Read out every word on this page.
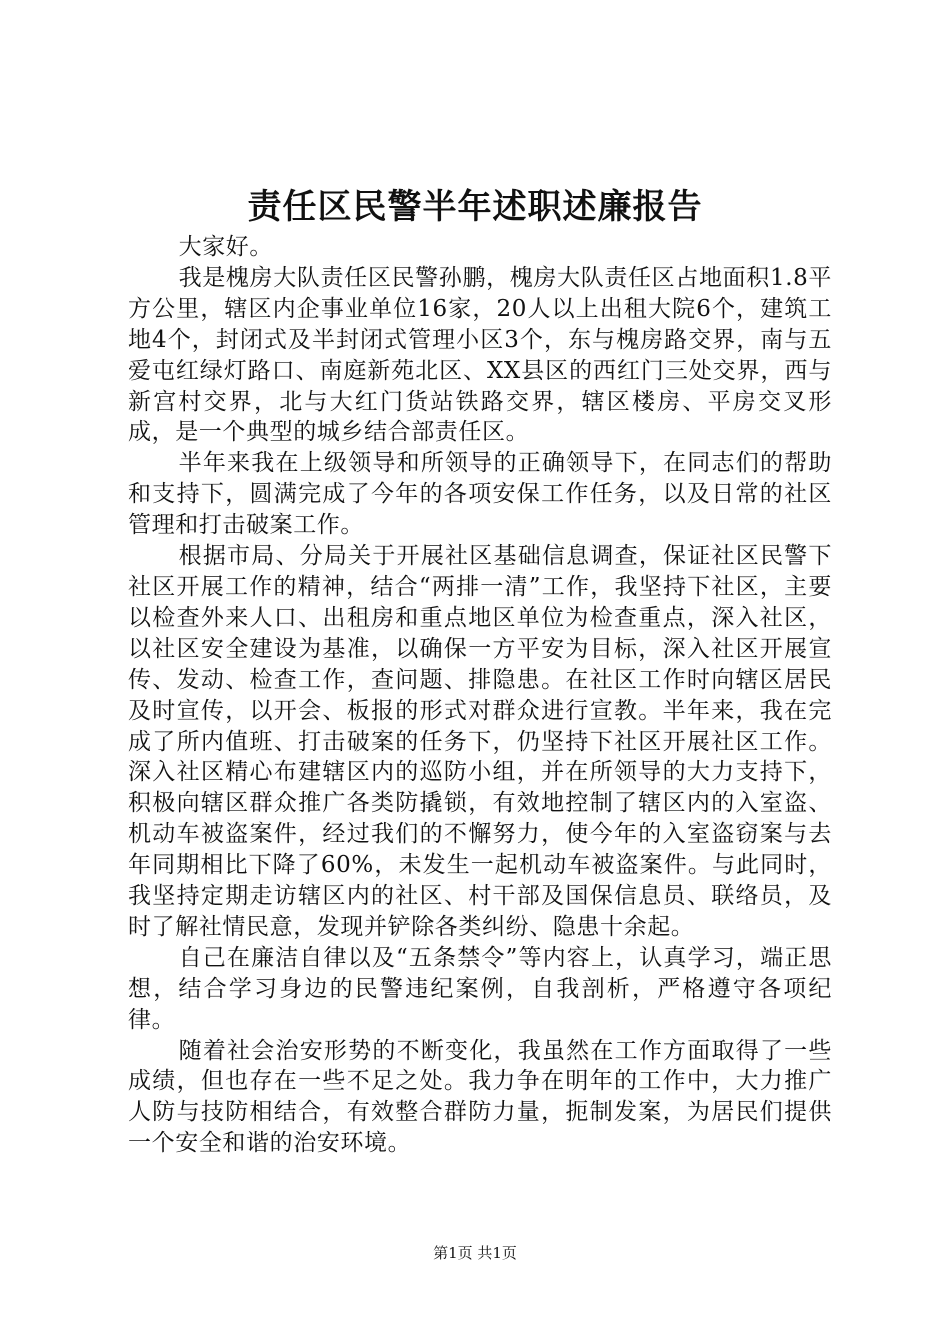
责任区民警半年述职述廉报告

大家好。

我是槐房大队责任区民警孙鹏，槐房大队责任区占地面积1.8平方公里，辖区内企事业单位16家，20人以上出租大院6个，建筑工地4个，封闭式及半封闭式管理小区3个，东与槐房路交界，南与五爱屯红绿灯路口、南庭新苑北区、XX县区的西红门三处交界，西与新宫村交界，北与大红门货站铁路交界，辖区楼房、平房交叉形成，是一个典型的城乡结合部责任区。

半年来我在上级领导和所领导的正确领导下，在同志们的帮助和支持下，圆满完成了今年的各项安保工作任务，以及日常的社区管理和打击破案工作。

根据市局、分局关于开展社区基础信息调查，保证社区民警下社区开展工作的精神，结合“两排一清”工作，我坚持下社区，主要以检查外来人口、出租房和重点地区单位为检查重点，深入社区，以社区安全建设为基准，以确保一方平安为目标，深入社区开展宣传、发动、检查工作，查问题、排隐患。在社区工作时向辖区居民及时宣传，以开会、板报的形式对群众进行宣教。半年来，我在完成了所内值班、打击破案的任务下，仍坚持下社区开展社区工作。深入社区精心布建辖区内的巡防小组，并在所领导的大力支持下，积极向辖区群众推广各类防撬锁，有效地控制了辖区内的入室盗、机动车被盗案件，经过我们的不懈努力，使今年的入室盗窃案与去年同期相比下降了60%，未发生一起机动车被盗案件。与此同时，我坚持定期走访辖区内的社区、村干部及国保信息员、联络员，及时了解社情民意，发现并铲除各类纠纷、隐患十余起。

自己在廉洁自律以及“五条禁令”等内容上，认真学习，端正思想，结合学习身边的民警违纪案例，自我剖析，严格遵守各项纪律。

随着社会治安形势的不断变化，我虽然在工作方面取得了一些成绩，但也存在一些不足之处。我力争在明年的工作中，大力推广人防与技防相结合，有效整合群防力量，扼制发案，为居民们提供一个安全和谐的治安环境。

第1页 共1页
